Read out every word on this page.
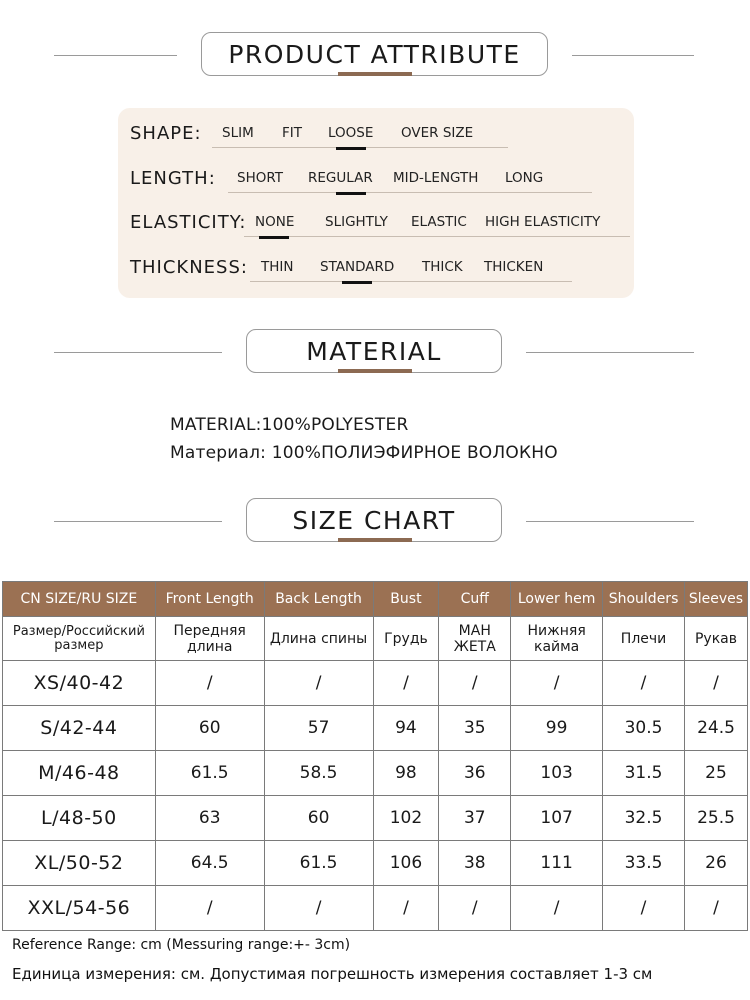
PRODUCT ATTRIBUTE
SHAPE: SLIM FIT LOOSE OVER SIZE
LENGTH: SHORT REGULAR MID-LENGTH LONG
ELASTICITY: NONE SLIGHTLY ELASTIC HIGH ELASTICITY
THICKNESS: THIN STANDARD THICK THICKEN
MATERIAL
MATERIAL:100%POLYESTER
Материал: 100%ПОЛИЭФИРНОЕ ВОЛОКНО
SIZE CHART
CN SIZE/RU SIZE	Front Length	Back Length	Bust	Cuff	Lower hem	Shoulders	Sleeves
Размер/Российский размер	Передняя длина	Длина спины	Грудь	МАН ЖЕТА	Нижняя кайма	Плечи	Рукав
XS/40-42	/	/	/	/	/	/	/
S/42-44	60	57	94	35	99	30.5	24.5
M/46-48	61.5	58.5	98	36	103	31.5	25
L/48-50	63	60	102	37	107	32.5	25.5
XL/50-52	64.5	61.5	106	38	111	33.5	26
XXL/54-56	/	/	/	/	/	/	/
Reference Range: cm (Messuring range:+- 3cm)
Единица измерения: см. Допустимая погрешность измерения составляет 1-3 см
